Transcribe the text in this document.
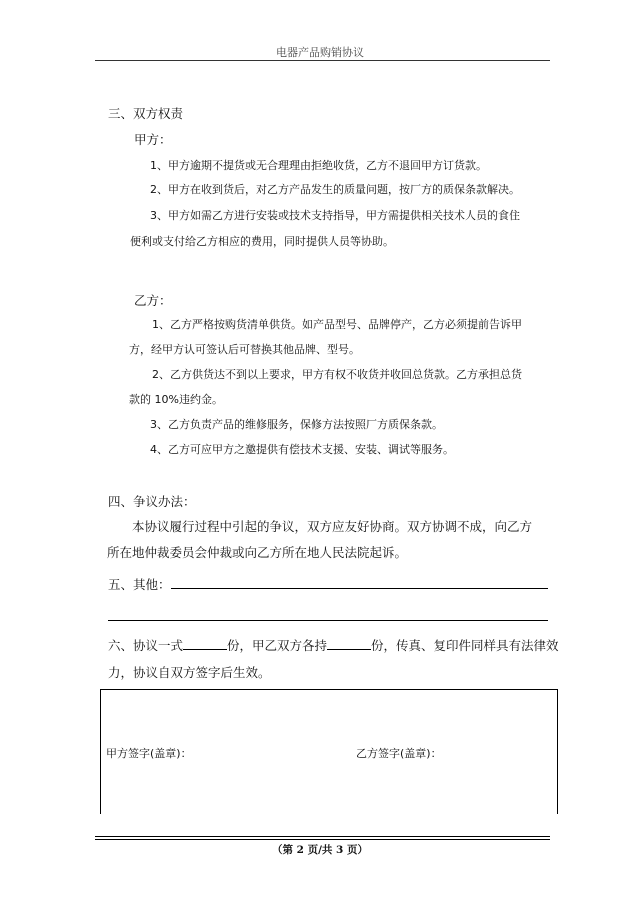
电器产品购销协议
三、双方权责
甲方：
1、甲方逾期不提货或无合理理由拒绝收货，乙方不退回甲方订货款。
2、甲方在收到货后，对乙方产品发生的质量问题，按厂方的质保条款解决。
3、甲方如需乙方进行安装或技术支持指导，甲方需提供相关技术人员的食住
便利或支付给乙方相应的费用，同时提供人员等协助。
乙方：
1、乙方严格按购货清单供货。如产品型号、品牌停产，乙方必须提前告诉甲
方，经甲方认可签认后可替换其他品牌、型号。
2、乙方供货达不到以上要求，甲方有权不收货并收回总货款。乙方承担总货
款的 10%违约金。
3、乙方负责产品的维修服务，保修方法按照厂方质保条款。
4、乙方可应甲方之邀提供有偿技术支援、安装、调试等服务。
四、争议办法：
本协议履行过程中引起的争议，双方应友好协商。双方协调不成，向乙方
所在地仲裁委员会仲裁或向乙方所在地人民法院起诉。
五、其他：
六、协议一式	份，甲乙双方各持	份，传真、复印件同样具有法律效
力，协议自双方签字后生效。
甲方签字(盖章)：	乙方签字(盖章)：
（第 2 页/共 3 页）
